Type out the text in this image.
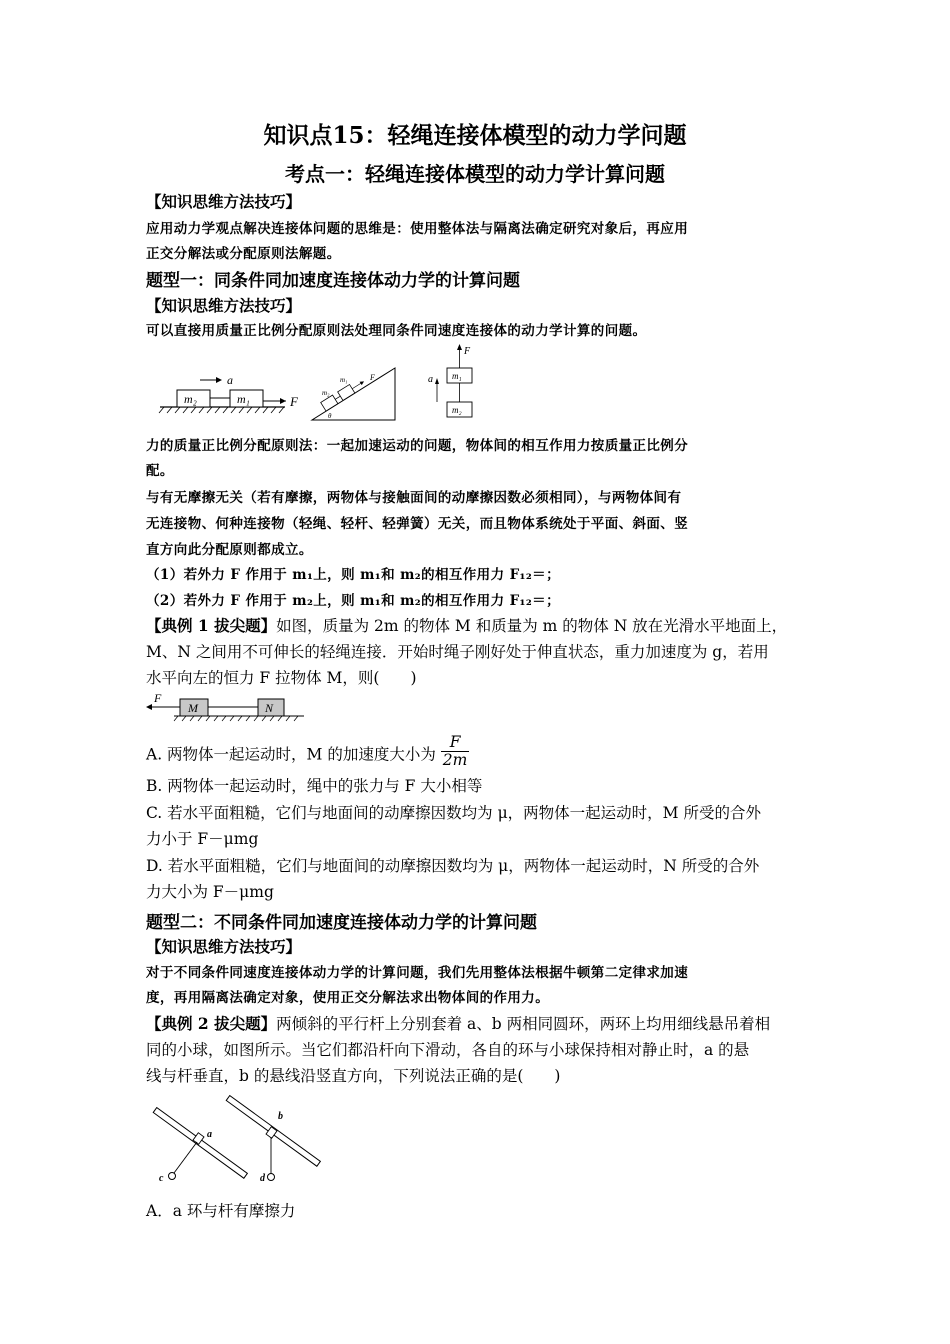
知识点15：轻绳连接体模型的动力学问题
考点一：轻绳连接体模型的动力学计算问题
【知识思维方法技巧】
应用动力学观点解决连接体问题的思维是：使用整体法与隔离法确定研究对象后，再应用
正交分解法或分配原则法解题。
题型一：同条件同加速度连接体动力学的计算问题
【知识思维方法技巧】
可以直接用质量正比例分配原则法处理同条件同速度连接体的动力学计算的问题。
m₂	m₁
a
F
m₂
m₁	F
θ
F
a m₁
m₂
力的质量正比例分配原则法：一起加速运动的问题，物体间的相互作用力按质量正比例分
配。
与有无摩擦无关（若有摩擦，两物体与接触面间的动摩擦因数必须相同），与两物体间有
无连接物、何种连接物（轻绳、轻杆、轻弹簧）无关，而且物体系统处于平面、斜面、竖
直方向此分配原则都成立。
（1）若外力 F 作用于 m₁上，则 m₁和 m₂的相互作用力 F₁₂＝；
（2）若外力 F 作用于 m₂上，则 m₁和 m₂的相互作用力 F₁₂＝；
【典例 1 拔尖题】如图，质量为 2m 的物体 M 和质量为 m 的物体 N 放在光滑水平地面上，
M、N 之间用不可伸长的轻绳连接．开始时绳子刚好处于伸直状态，重力加速度为 g，若用
水平向左的恒力 F 拉物体 M，则(　　)
F
M	N
A. 两物体一起运动时，M 的加速度大小为 $\frac{F}{2m}$
B. 两物体一起运动时，绳中的张力与 F 大小相等
C. 若水平面粗糙，它们与地面间的动摩擦因数均为 μ，两物体一起运动时，M 所受的合外
力小于 F－μmg
D. 若水平面粗糙，它们与地面间的动摩擦因数均为 μ，两物体一起运动时，N 所受的合外
力大小为 F－μmg
题型二：不同条件同加速度连接体动力学的计算问题
【知识思维方法技巧】
对于不同条件同速度连接体动力学的计算问题，我们先用整体法根据牛顿第二定律求加速
度，再用隔离法确定对象，使用正交分解法求出物体间的作用力。
【典例 2 拔尖题】两倾斜的平行杆上分别套着 a、b 两相同圆环，两环上均用细线悬吊着相
同的小球，如图所示。当它们都沿杆向下滑动，各自的环与小球保持相对静止时，a 的悬
线与杆垂直，b 的悬线沿竖直方向，下列说法正确的是(　　)
a
b
c	d
A．a 环与杆有摩擦力
